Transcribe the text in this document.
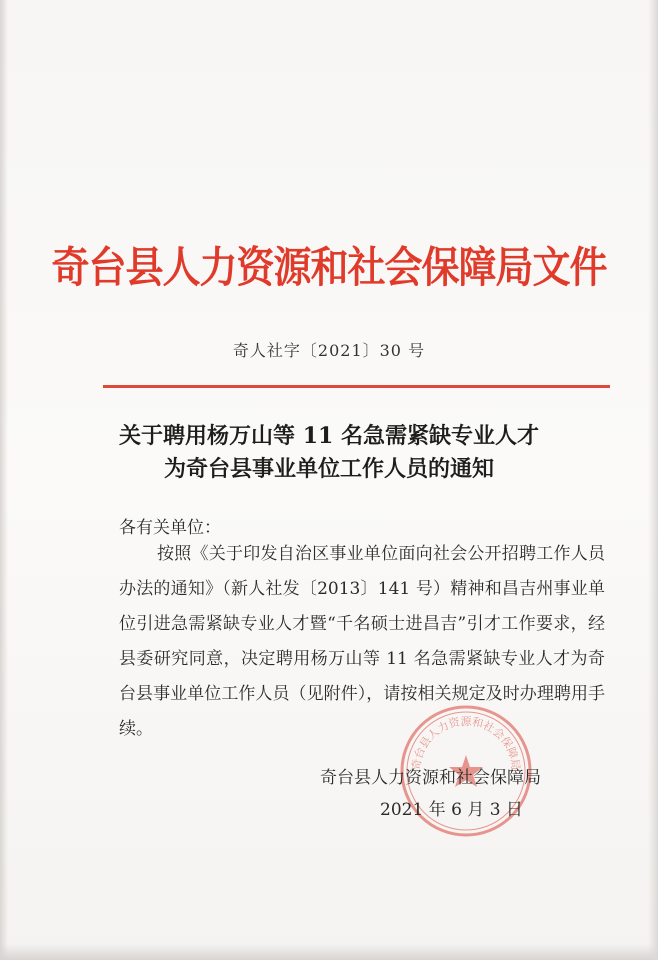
奇台县人力资源和社会保障局文件
奇人社字〔2021〕30 号
关于聘用杨万山等 11 名急需紧缺专业人才
为奇台县事业单位工作人员的通知
各有关单位：
按照《关于印发自治区事业单位面向社会公开招聘工作人员办法的通知》（新人社发〔2013〕141 号）精神和昌吉州事业单位引进急需紧缺专业人才暨“千名硕士进昌吉”引才工作要求，经县委研究同意，决定聘用杨万山等 11 名急需紧缺专业人才为奇台县事业单位工作人员（见附件），请按相关规定及时办理聘用手续。
奇台县人力资源和社会保障局
奇台县人力资源和社会保障局
2021 年 6 月 3 日
